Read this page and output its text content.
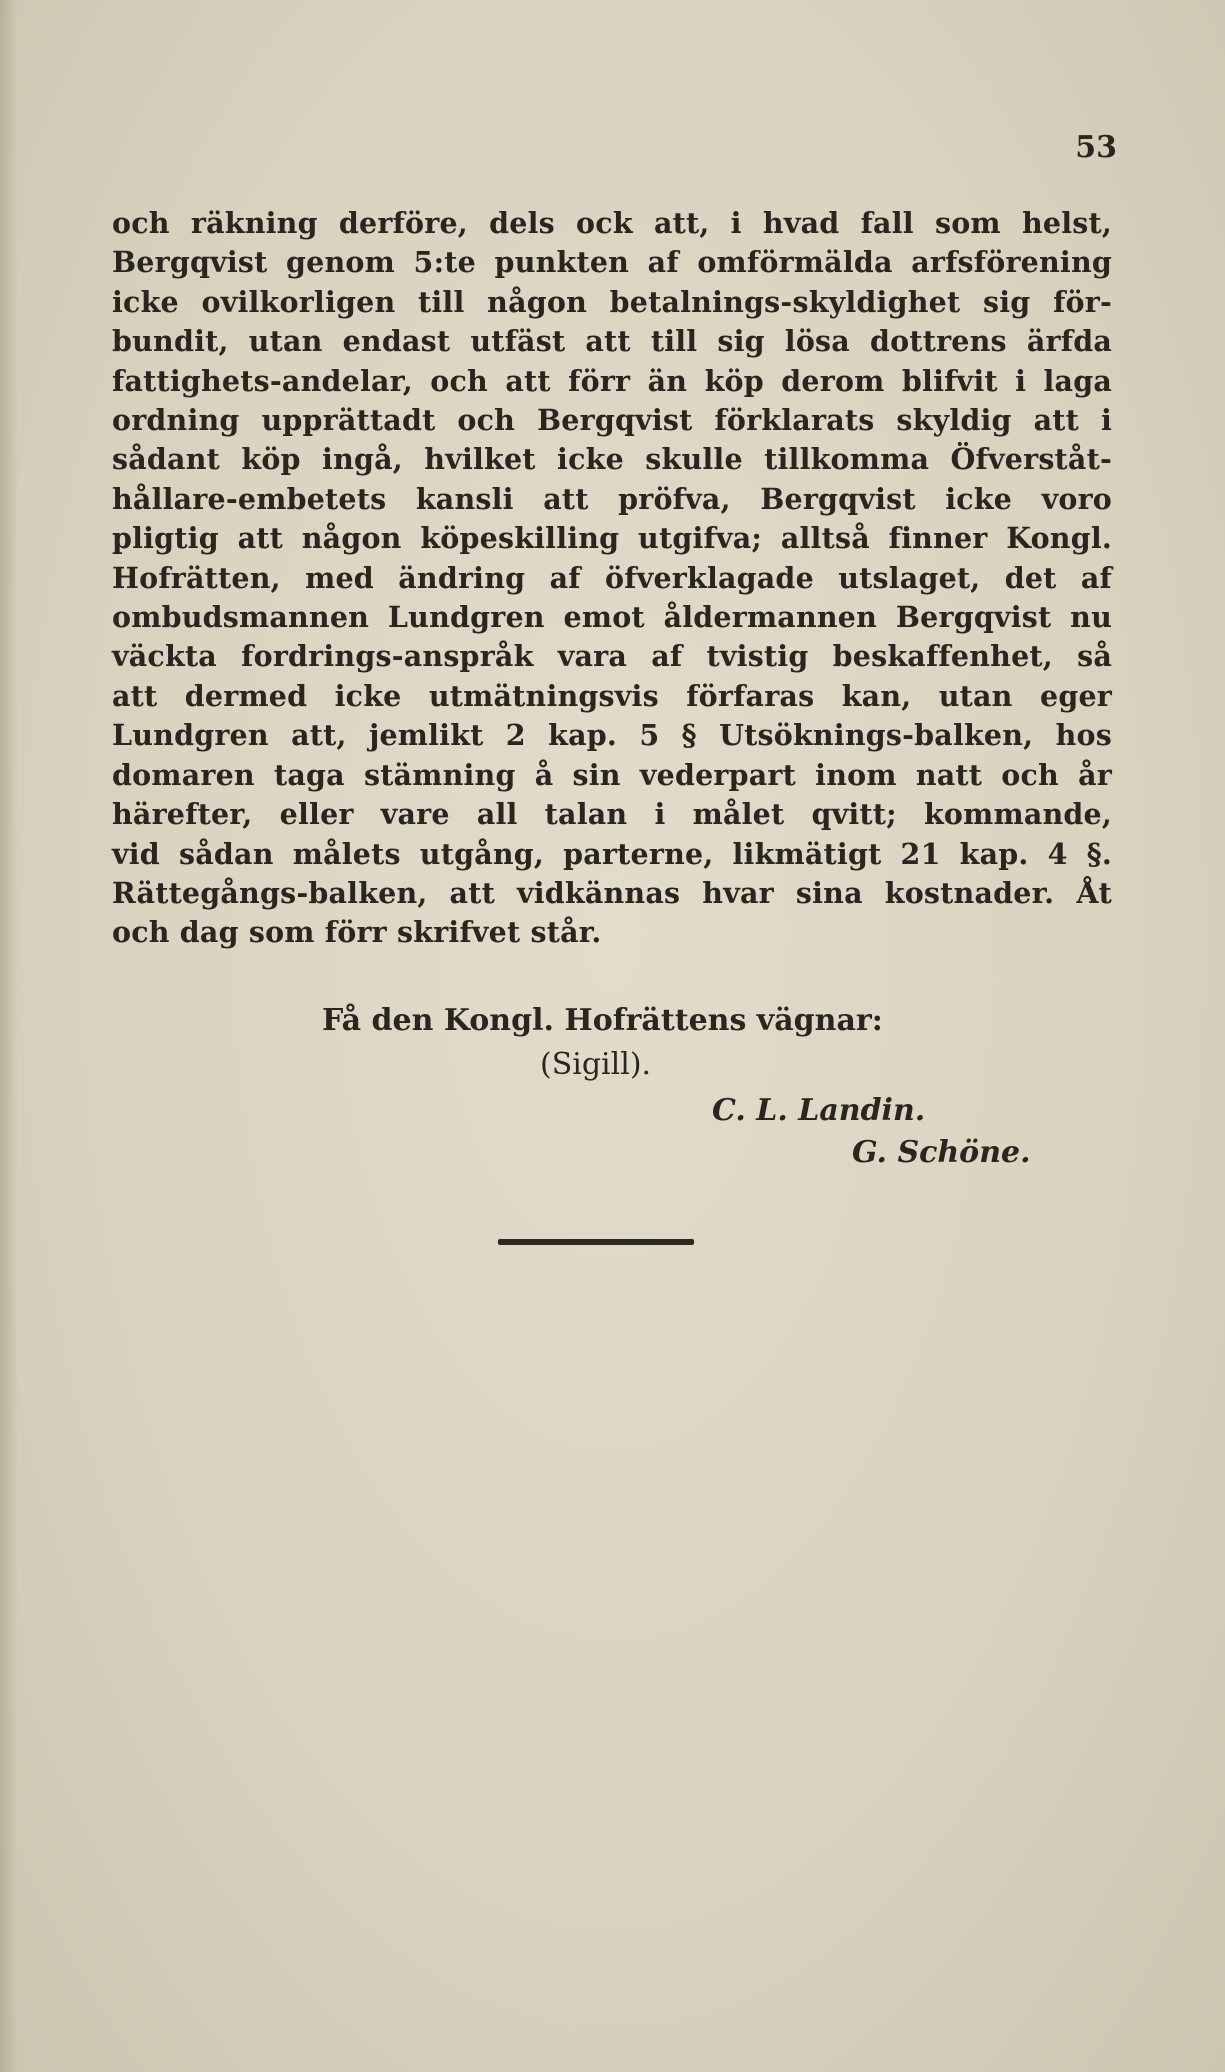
53
och räkning derföre, dels ock att, i hvad fall som helst,
Bergqvist genom 5:te punkten af omförmälda arfsförening
icke ovilkorligen till någon betalnings-skyldighet sig för-
bundit, utan endast utfäst att till sig lösa dottrens ärfda
fattighets-andelar, och att förr än köp derom blifvit i laga
ordning upprättadt och Bergqvist förklarats skyldig att i
sådant köp ingå, hvilket icke skulle tillkomma Öfverståt-
hållare-embetets kansli att pröfva, Bergqvist icke voro
pligtig att någon köpeskilling utgifva; alltså finner Kongl.
Hofrätten, med ändring af öfverklagade utslaget, det af
ombudsmannen Lundgren emot åldermannen Bergqvist nu
väckta fordrings-anspråk vara af tvistig beskaffenhet, så
att dermed icke utmätningsvis förfaras kan, utan eger
Lundgren att, jemlikt 2 kap. 5 § Utsöknings-balken, hos
domaren taga stämning å sin vederpart inom natt och år
härefter, eller vare all talan i målet qvitt; kommande,
vid sådan målets utgång, parterne, likmätigt 21 kap. 4 §.
Rättegångs-balken, att vidkännas hvar sina kostnader. Åt
och dag som förr skrifvet står.
Få den Kongl. Hofrättens vägnar:
(Sigill).
C. L. Landin.
G. Schöne.
